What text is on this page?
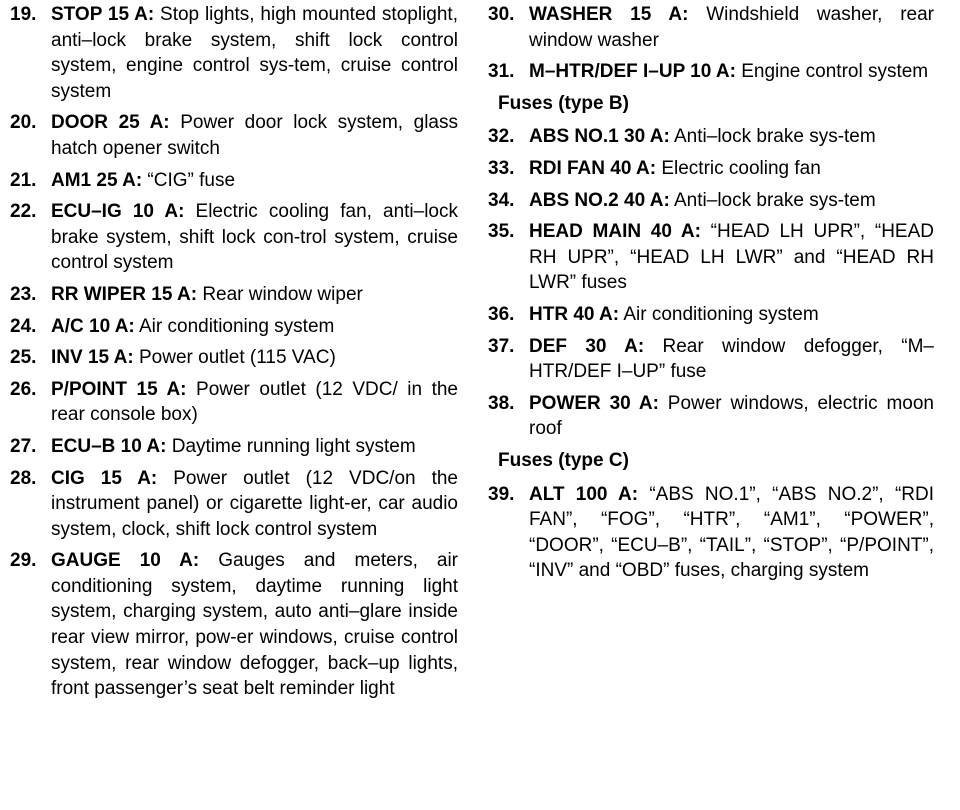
19. STOP 15 A: Stop lights, high mounted stoplight, anti–lock brake system, shift lock control system, engine control sys-tem, cruise control system
20. DOOR 25 A: Power door lock system, glass hatch opener switch
21. AM1 25 A: “CIG” fuse
22. ECU–IG 10 A: Electric cooling fan, anti–lock brake system, shift lock con-trol system, cruise control system
23. RR WIPER 15 A: Rear window wiper
24. A/C 10 A: Air conditioning system
25. INV 15 A: Power outlet (115 VAC)
26. P/POINT 15 A: Power outlet (12 VDC/ in the rear console box)
27. ECU–B 10 A: Daytime running light system
28. CIG 15 A: Power outlet (12 VDC/on the instrument panel) or cigarette light-er, car audio system, clock, shift lock control system
29. GAUGE 10 A: Gauges and meters, air conditioning system, daytime running light system, charging system, auto anti–glare inside rear view mirror, pow-er windows, cruise control system, rear window defogger, back–up lights, front passenger’s seat belt reminder light
30. WASHER 15 A: Windshield washer, rear window washer
31. M–HTR/DEF I–UP 10 A: Engine control system
Fuses (type B)
32. ABS NO.1 30 A: Anti–lock brake sys-tem
33. RDI FAN 40 A: Electric cooling fan
34. ABS NO.2 40 A: Anti–lock brake sys-tem
35. HEAD MAIN 40 A: “HEAD LH UPR”, “HEAD RH UPR”, “HEAD LH LWR” and “HEAD RH LWR” fuses
36. HTR 40 A: Air conditioning system
37. DEF 30 A: Rear window defogger, “M–HTR/DEF I–UP” fuse
38. POWER 30 A: Power windows, electric moon roof
Fuses (type C)
39. ALT 100 A: “ABS NO.1”, “ABS NO.2”, “RDI FAN”, “FOG”, “HTR”, “AM1”, “POWER”, “DOOR”, “ECU–B”, “TAIL”, “STOP”, “P/POINT”, “INV” and “OBD” fuses, charging system
